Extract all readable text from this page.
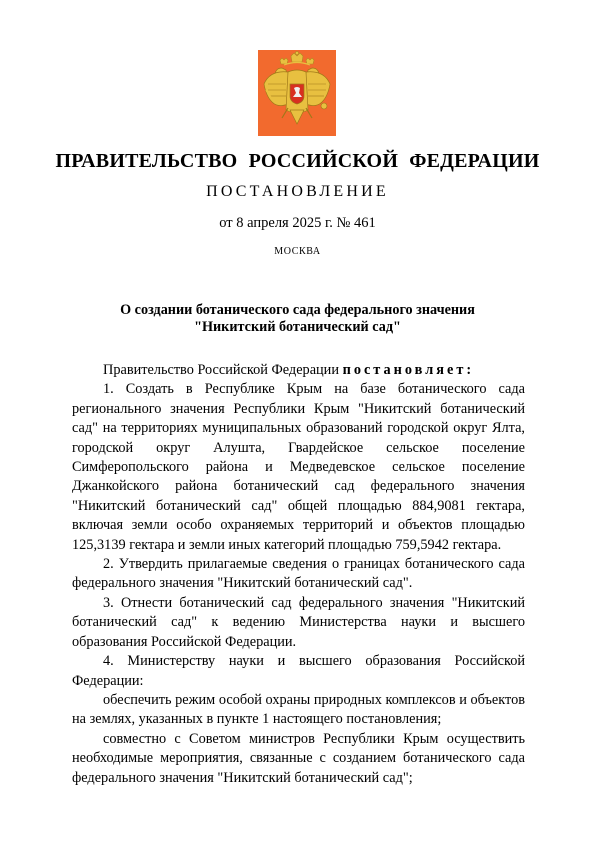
ПРАВИТЕЛЬСТВО РОССИЙСКОЙ ФЕДЕРАЦИИ
ПОСТАНОВЛЕНИЕ
от 8 апреля 2025 г. № 461
МОСКВА
О создании ботанического сада федерального значения
"Никитский ботанический сад"

Правительство Российской Федерации постановляет:

1. Создать в Республике Крым на базе ботанического сада регионального значения Республики Крым "Никитский ботанический сад" на территориях муниципальных образований городской округ Ялта, городской округ Алушта, Гвардейское сельское поселение Симферопольского района и Медведевское сельское поселение Джанкойского района ботанический сад федерального значения "Никитский ботанический сад" общей площадью 884,9081 гектара, включая земли особо охраняемых территорий и объектов площадью 125,3139 гектара и земли иных категорий площадью 759,5942 гектара.

2. Утвердить прилагаемые сведения о границах ботанического сада федерального значения "Никитский ботанический сад".

3. Отнести ботанический сад федерального значения "Никитский ботанический сад" к ведению Министерства науки и высшего образования Российской Федерации.

4. Министерству науки и высшего образования Российской Федерации:

обеспечить режим особой охраны природных комплексов и объектов на землях, указанных в пункте 1 настоящего постановления;

совместно с Советом министров Республики Крым осуществить необходимые мероприятия, связанные с созданием ботанического сада федерального значения "Никитский ботанический сад";
